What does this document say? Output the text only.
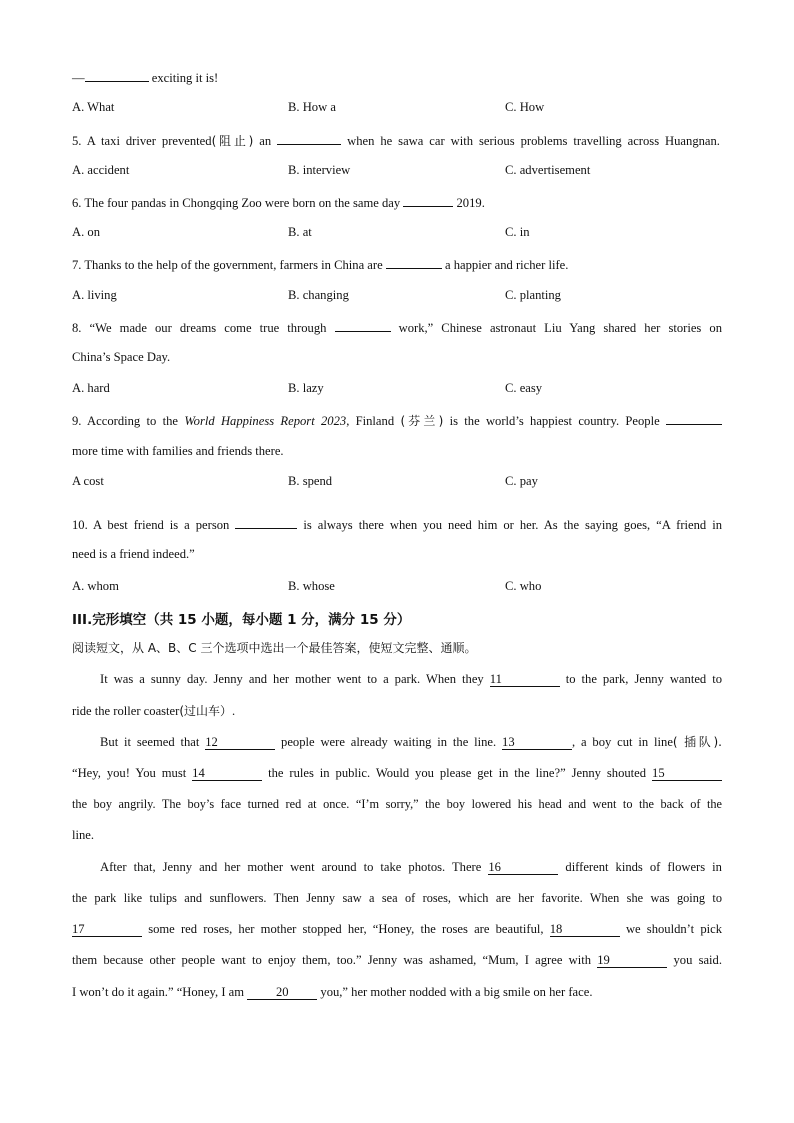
—	exciting it is!
A. What	B. How a	C. How
5. A taxi driver prevented(阻止) an	when he sawa car with serious problems travelling across Huangnan.
A. accident	B. interview	C. advertisement
6. The four pandas in Chongqing Zoo were born on the same day	2019.
A. on	B. at	C. in
7. Thanks to the help of the government, farmers in China are	a happier and richer life.
A. living	B. changing	C. planting
8. “We made our dreams come true through	work,” Chinese astronaut Liu Yang shared her stories on
China’s Space Day.
A. hard	B. lazy	C. easy
9. According to the World Happiness Report 2023, Finland (芬兰) is the world’s happiest country. People
more time with families and friends there.
A cost	B. spend	C. pay
10. A best friend is a person	is always there when you need him or her. As the saying goes, “A friend in
need is a friend indeed.”
A. whom	B. whose	C. who
III.完形填空（共 15 小题，每小题 1 分，满分 15 分）
阅读短文，从 A、B、C 三个选项中选出一个最佳答案，使短文完整、通顺。
It was a sunny day. Jenny and her mother went to a park. When they 11	to the park, Jenny wanted to
ride the roller coaster(过山车）.
But it seemed that 12	people were already waiting in the line. 13	, a boy cut in line( 插队).
“Hey, you! You must 14	the rules in public. Would you please get in the line?” Jenny shouted 15
the boy angrily. The boy’s face turned red at once. “I’m sorry,” the boy lowered his head and went to the back of the
line.
After that, Jenny and her mother went around to take photos. There 16	different kinds of flowers in
the park like tulips and sunflowers. Then Jenny saw a sea of roses, which are her favorite. When she was going to
17	some red roses, her mother stopped her, “Honey, the roses are beautiful, 18	we shouldn’t pick
them because other people want to enjoy them, too.” Jenny was ashamed, “Mum, I agree with 19	you said.
I won’t do it again.” “Honey, I am	20	you,” her mother nodded with a big smile on her face.
